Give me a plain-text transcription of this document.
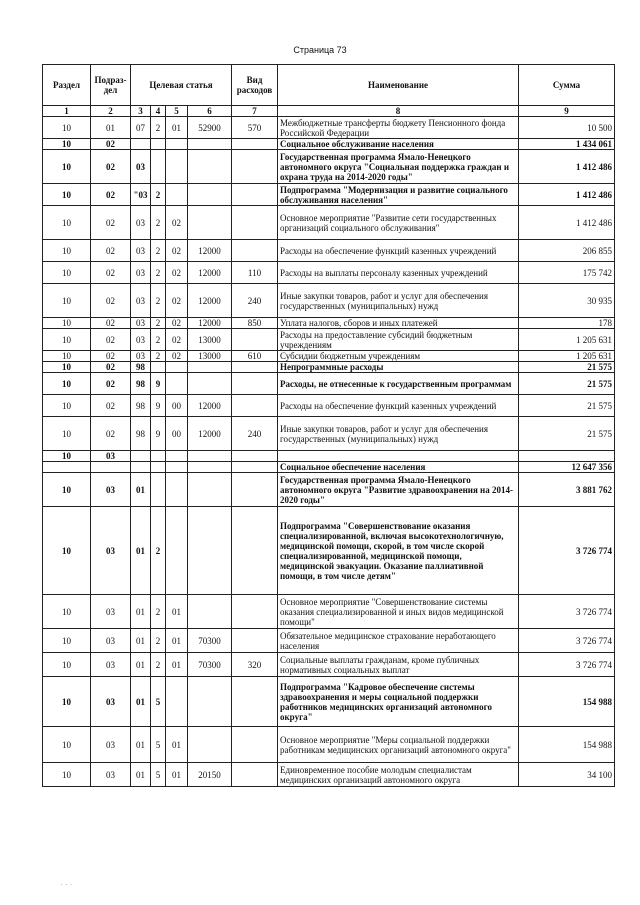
Страница 73
Раздел	Подраз-дел	Целевая статья				Вид расходов	Наименование	Сумма
1	2	3	4	5	6	7	8	9
10	01	07	2	01	52900	570	Межбюджетные трансферты бюджету Пенсионного фонда Российской Федерации	10 500
10	02						Социальное обслуживание населения	1 434 061
10	02	03					Государственная программа Ямало-Ненецкого автономного округа "Социальная поддержка граждан и охрана труда на 2014-2020 годы"	1 412 486
10	02	"03	2				Подпрограмма "Модернизация и развитие социального обслуживания населения"	1 412 486
10	02	03	2	02			Основное мероприятие "Развитие сети государственных организаций социального обслуживания"	1 412 486
10	02	03	2	02	12000		Расходы на обеспечение функций казенных учреждений	206 855
10	02	03	2	02	12000	110	Расходы на выплаты персоналу казенных учреждений	175 742
10	02	03	2	02	12000	240	Иные закупки товаров, работ и услуг для обеспечения государственных (муниципальных) нужд	30 935
10	02	03	2	02	12000	850	Уплата налогов, сборов и иных платежей	178
10	02	03	2	02	13000		Расходы на предоставление субсидий бюджетным учреждениям	1 205 631
10	02	03	2	02	13000	610	Субсидии бюджетным учреждениям	1 205 631
10	02	98					Непрограммные расходы	21 575
10	02	98	9				Расходы, не отнесенные к государственным программам	21 575
10	02	98	9	00	12000		Расходы на обеспечение функций казенных учреждений	21 575
10	02	98	9	00	12000	240	Иные закупки товаров, работ и услуг для обеспечения государственных (муниципальных) нужд	21 575
10	03							
							Социальное обеспечение населения	12 647 356
10	03	01					Государственная программа Ямало-Ненецкого автономного округа "Развитие здравоохранения на 2014-2020 годы"	3 881 762
10	03	01	2				Подпрограмма "Совершенствование оказания специализированной, включая высокотехнологичную, медицинской помощи, скорой, в том числе скорой специализированной, медицинской помощи, медицинской эвакуации. Оказание паллиативной помощи, в том числе детям"	3 726 774
10	03	01	2	01			Основное мероприятие "Совершенствование системы оказания специализированной и иных видов медицинской помощи"	3 726 774
10	03	01	2	01	70300		Обязательное медицинское страхование неработающего населения	3 726 774
10	03	01	2	01	70300	320	Социальные выплаты гражданам, кроме публичных нормативных социальных выплат	3 726 774
10	03	01	5				Подпрограмма "Кадровое обеспечение системы здравоохранения и меры социальной поддержки работников медицинских организаций автономного округа"	154 988
10	03	01	5	01			Основное мероприятие "Меры социальной поддержки работникам медицинских организаций автономного округа"	154 988
10	03	01	5	01	20150		Единовременное пособие молодым специалистам медицинских организаций автономного округа	34 100
· · ·
